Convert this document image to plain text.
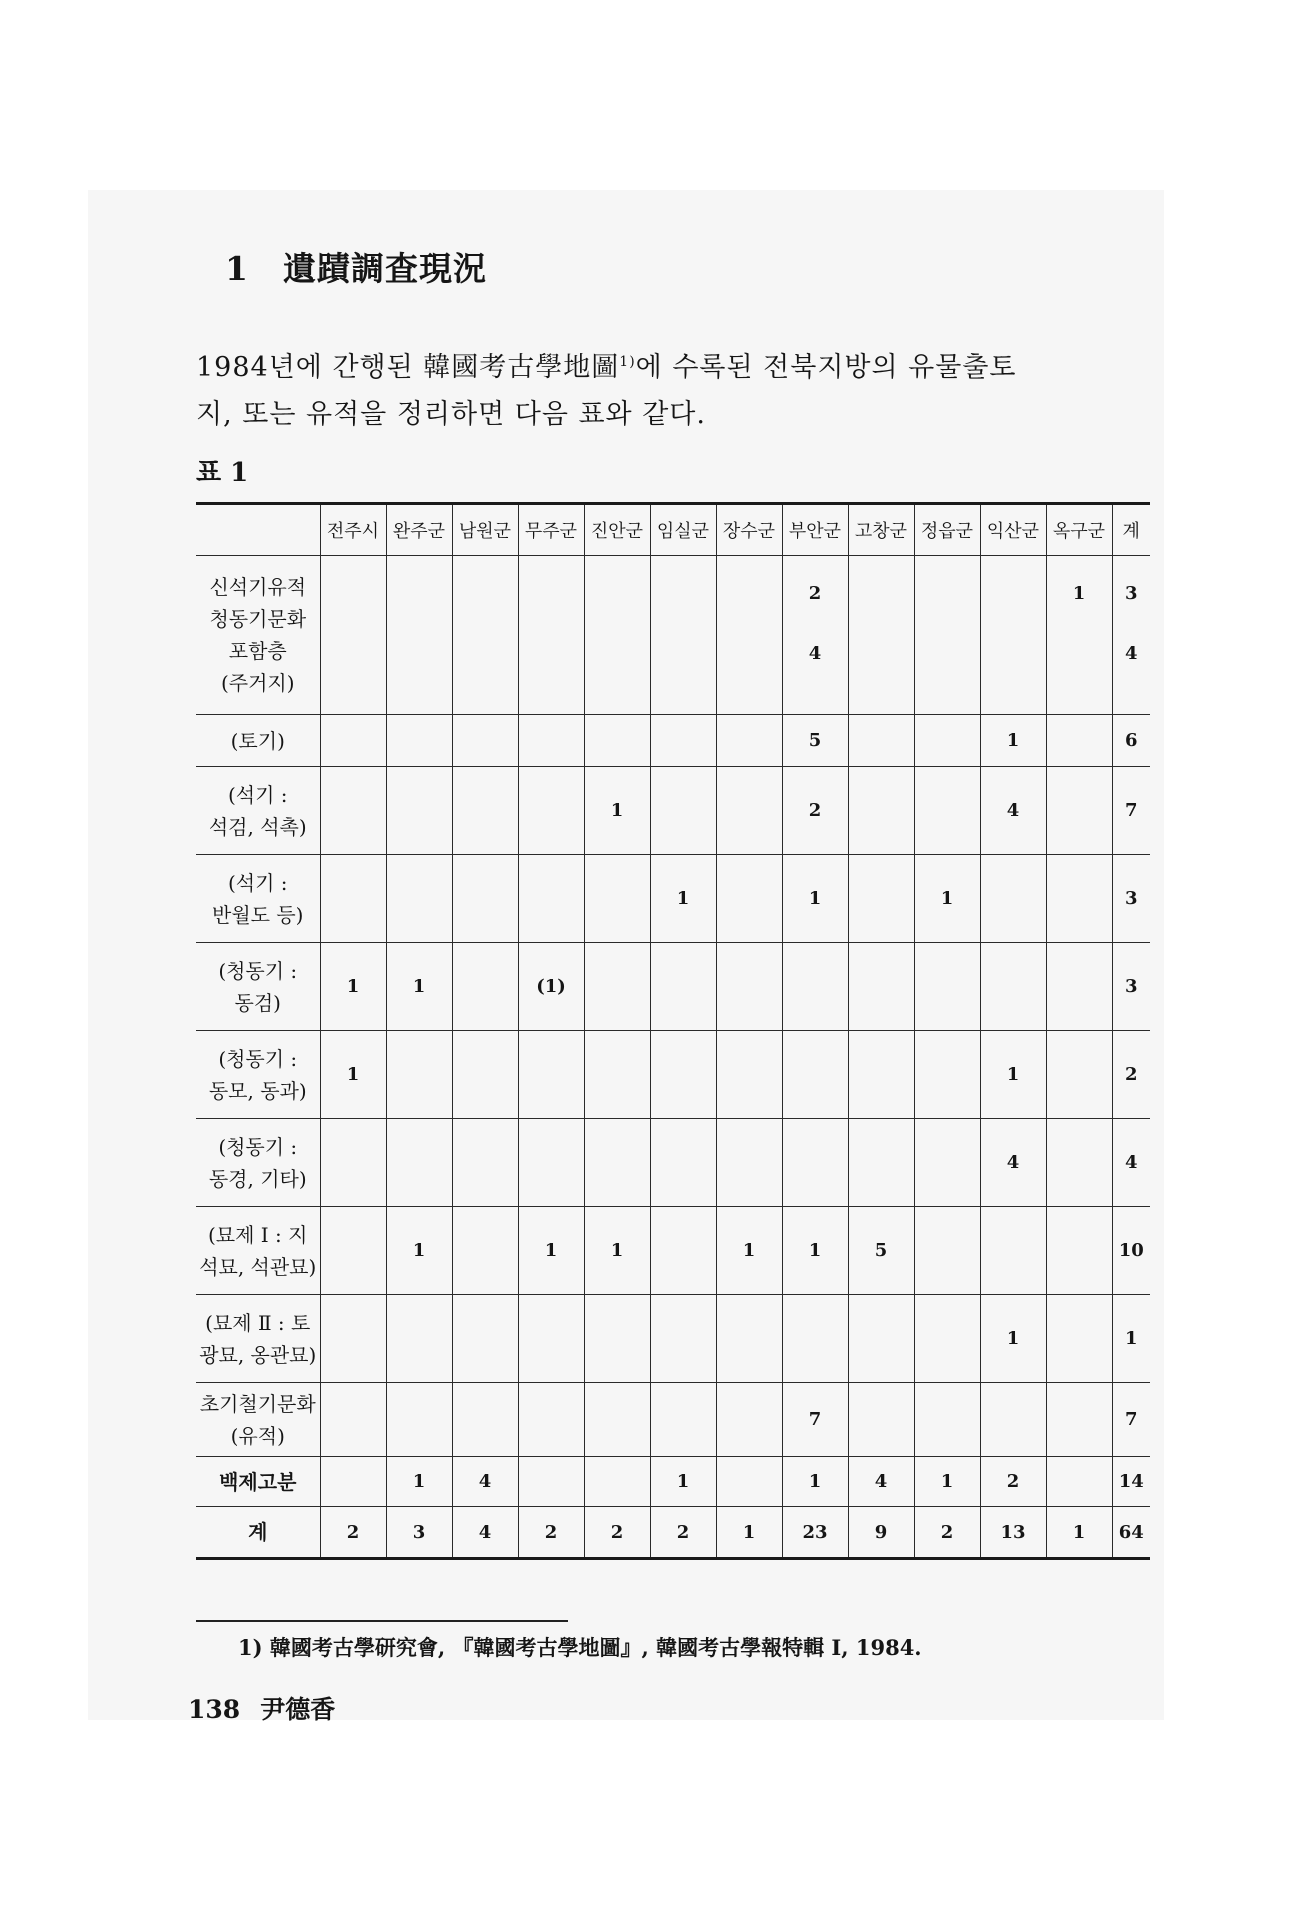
1 遺蹟調査現況
1984년에 간행된 韓國考古學地圖$^{1)}$에 수록된 전북지방의 유물출토
지, 또는 유적을 정리하면 다음 표와 같다.
표 1
	전주시	완주군	남원군	무주군	진안군	임실군	장수군	부안군	고창군	정읍군	익산군	옥구군	계

신석기유적
청동기문화
포함층
(주거지)								2				1	3
								4					4

(토기)								5			1		6

(석기 :
석검, 석촉)					1			2			4		7

(석기 :
반월도 등)						1		1		1			3

(청동기 :
동검)	1	1		(1)									3

(청동기 :
동모, 동과)	1										1		2

(청동기 :
동경, 기타)											4		4

(묘제 Ⅰ : 지
석묘, 석관묘)		1		1	1		1	1	5				10

(묘제 Ⅱ : 토
광묘, 옹관묘)											1		1

초기철기문화
(유적)								7					7

백제고분		1	4			1		1	4	1	2		14

계	2	3	4	2	2	2	1	23	9	2	13	1	64
1) 韓國考古學研究會, 『韓國考古學地圖』, 韓國考古學報特輯 Ⅰ, 1984.
138 尹德香
